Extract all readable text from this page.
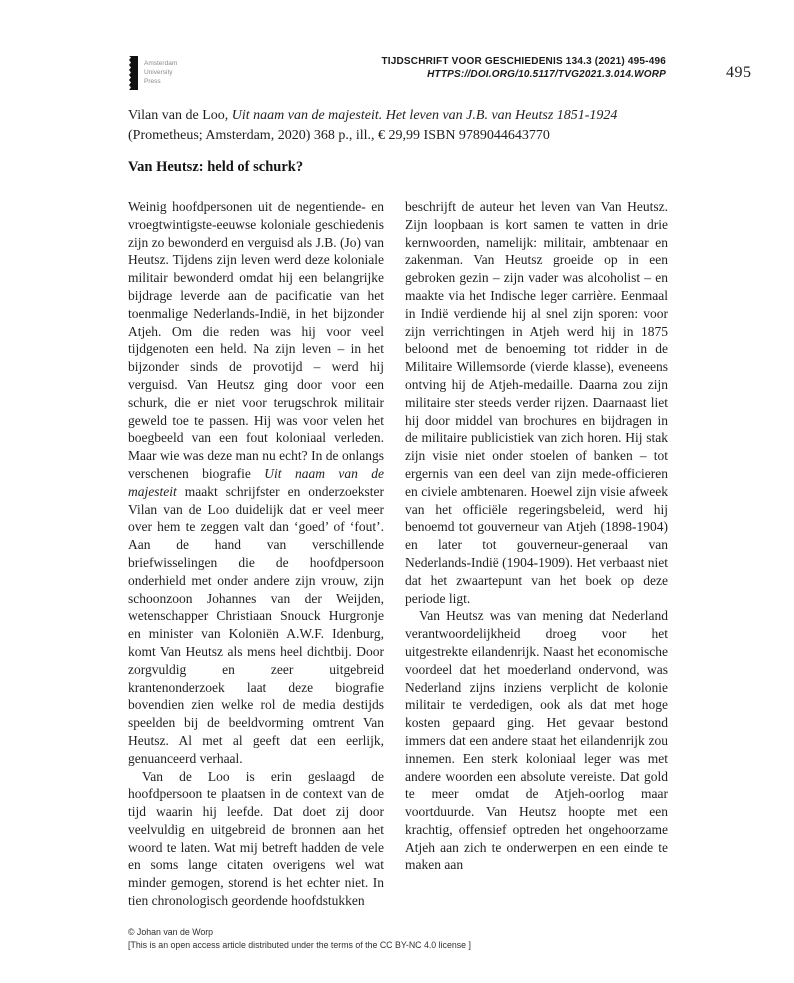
Amsterdam
University
Press
TIJDSCHRIFT VOOR GESCHIEDENIS 134.3 (2021) 495-496
HTTPS://DOI.ORG/10.5117/TVG2021.3.014.WORP	495

Vilan van de Loo, Uit naam van de majesteit. Het leven van J.B. van Heutsz 1851-1924 (Prometheus; Amsterdam, 2020) 368 p., ill., € 29,99 ISBN 9789044643770

Van Heutsz: held of schurk?

Weinig hoofdpersonen uit de negentiende- en vroegtwintigste-eeuwse koloniale geschiedenis zijn zo bewonderd en verguisd als J.B. (Jo) van Heutsz. Tijdens zijn leven werd deze koloniale militair bewonderd omdat hij een belangrijke bijdrage leverde aan de pacificatie van het toenmalige Nederlands-Indië, in het bijzonder Atjeh. Om die reden was hij voor veel tijdgenoten een held. Na zijn leven – in het bijzonder sinds de provotijd – werd hij verguisd. Van Heutsz ging door voor een schurk, die er niet voor terugschrok militair geweld toe te passen. Hij was voor velen het boegbeeld van een fout koloniaal verleden. Maar wie was deze man nu echt? In de onlangs verschenen biografie Uit naam van de majesteit maakt schrijfster en onderzoekster Vilan van de Loo duidelijk dat er veel meer over hem te zeggen valt dan ‘goed’ of ‘fout’. Aan de hand van verschillende briefwisselingen die de hoofdpersoon onderhield met onder andere zijn vrouw, zijn schoonzoon Johannes van der Weijden, wetenschapper Christiaan Snouck Hurgronje en minister van Koloniën A.W.F. Idenburg, komt Van Heutsz als mens heel dichtbij. Door zorgvuldig en zeer uitgebreid krantenonderzoek laat deze biografie bovendien zien welke rol de media destijds speelden bij de beeldvorming omtrent Van Heutsz. Al met al geeft dat een eerlijk, genuanceerd verhaal.

Van de Loo is erin geslaagd de hoofdpersoon te plaatsen in de context van de tijd waarin hij leefde. Dat doet zij door veelvuldig en uitgebreid de bronnen aan het woord te laten. Wat mij betreft hadden de vele en soms lange citaten overigens wel wat minder gemogen, storend is het echter niet. In tien chronologisch geordende hoofdstukken

beschrijft de auteur het leven van Van Heutsz. Zijn loopbaan is kort samen te vatten in drie kernwoorden, namelijk: militair, ambtenaar en zakenman. Van Heutsz groeide op in een gebroken gezin – zijn vader was alcoholist – en maakte via het Indische leger carrière. Eenmaal in Indië verdiende hij al snel zijn sporen: voor zijn verrichtingen in Atjeh werd hij in 1875 beloond met de benoeming tot ridder in de Militaire Willemsorde (vierde klasse), eveneens ontving hij de Atjeh-medaille. Daarna zou zijn militaire ster steeds verder rijzen. Daarnaast liet hij door middel van brochures en bijdragen in de militaire publicistiek van zich horen. Hij stak zijn visie niet onder stoelen of banken – tot ergernis van een deel van zijn mede-officieren en civiele ambtenaren. Hoewel zijn visie afweek van het officiële regeringsbeleid, werd hij benoemd tot gouverneur van Atjeh (1898-1904) en later tot gouverneur-generaal van Nederlands-Indië (1904-1909). Het verbaast niet dat het zwaartepunt van het boek op deze periode ligt.

Van Heutsz was van mening dat Nederland verantwoordelijkheid droeg voor het uitgestrekte eilandenrijk. Naast het economische voordeel dat het moederland ondervond, was Nederland zijns inziens verplicht de kolonie militair te verdedigen, ook als dat met hoge kosten gepaard ging. Het gevaar bestond immers dat een andere staat het eilandenrijk zou innemen. Een sterk koloniaal leger was met andere woorden een absolute vereiste. Dat gold te meer omdat de Atjeh-oorlog maar voortduurde. Van Heutsz hoopte met een krachtig, offensief optreden het ongehoorzame Atjeh aan zich te onderwerpen en een einde te maken aan

© Johan van de Worp
[This is an open access article distributed under the terms of the CC BY-NC 4.0 license ]
